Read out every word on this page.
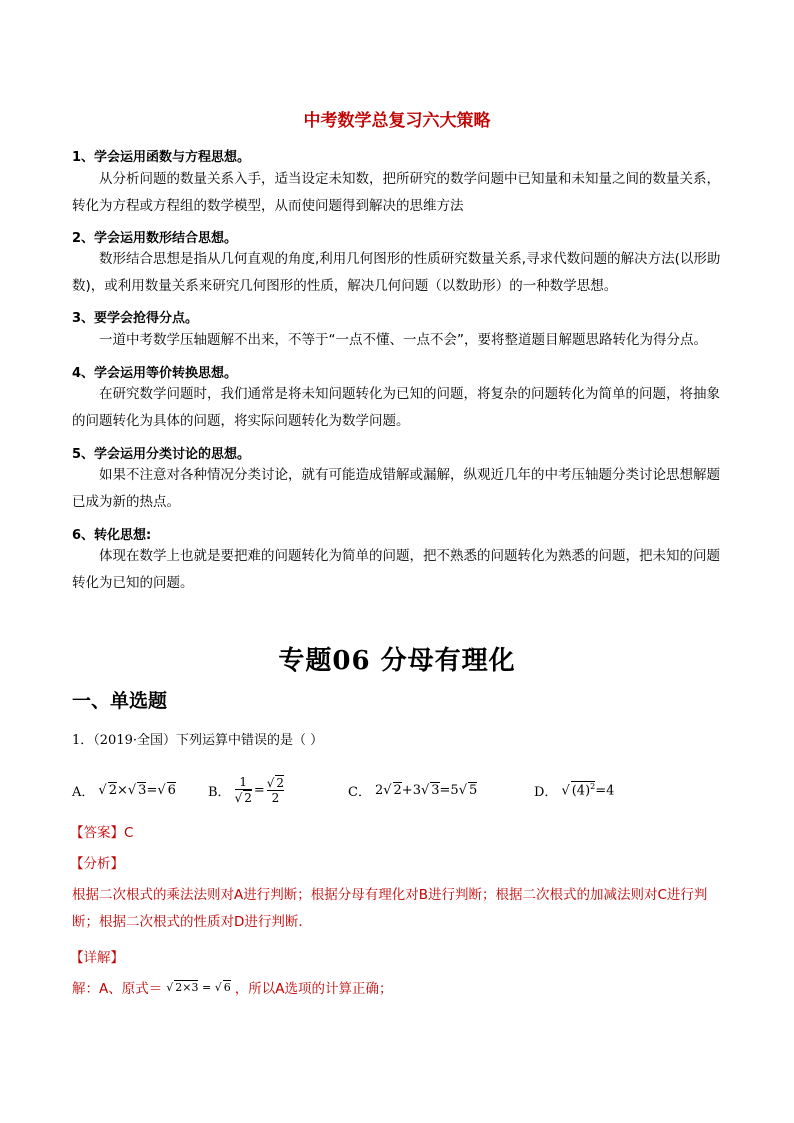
中考数学总复习六大策略
1、学会运用函数与方程思想。
从分析问题的数量关系入手，适当设定未知数，把所研究的数学问题中已知量和未知量之间的数量关系，转化为方程或方程组的数学模型，从而使问题得到解决的思维方法
2、学会运用数形结合思想。
数形结合思想是指从几何直观的角度,利用几何图形的性质研究数量关系,寻求代数问题的解决方法(以形助数)，或利用数量关系来研究几何图形的性质，解决几何问题（以数助形）的一种数学思想。
3、要学会抢得分点。
一道中考数学压轴题解不出来，不等于“一点不懂、一点不会”，要将整道题目解题思路转化为得分点。
4、学会运用等价转换思想。
在研究数学问题时，我们通常是将未知问题转化为已知的问题，将复杂的问题转化为简单的问题，将抽象的问题转化为具体的问题，将实际问题转化为数学问题。
5、学会运用分类讨论的思想。
如果不注意对各种情况分类讨论，就有可能造成错解或漏解，纵观近几年的中考压轴题分类讨论思想解题已成为新的热点。
6、转化思想:
体现在数学上也就是要把难的问题转化为简单的问题，把不熟悉的问题转化为熟悉的问题，把未知的问题转化为已知的问题。
专题06 分母有理化
一、单选题
1．（2019·全国）下列运算中错误的是（ ）
A． √ 2×√ 3=√ 6 B． $\frac{1}{√ 2} = \frac{√ 2}{2}$	C． 2√ 2+3√ 3=5√ 5	D． √ $(4)^2=4$
【答案】C
【分析】
根据二次根式的乘法法则对A进行判断；根据分母有理化对B进行判断；根据二次根式的加减法则对C进行判断；根据二次根式的性质对D进行判断．
【详解】
解：A、原式＝ √ 2×3 = √ 6 ，所以A选项的计算正确；
